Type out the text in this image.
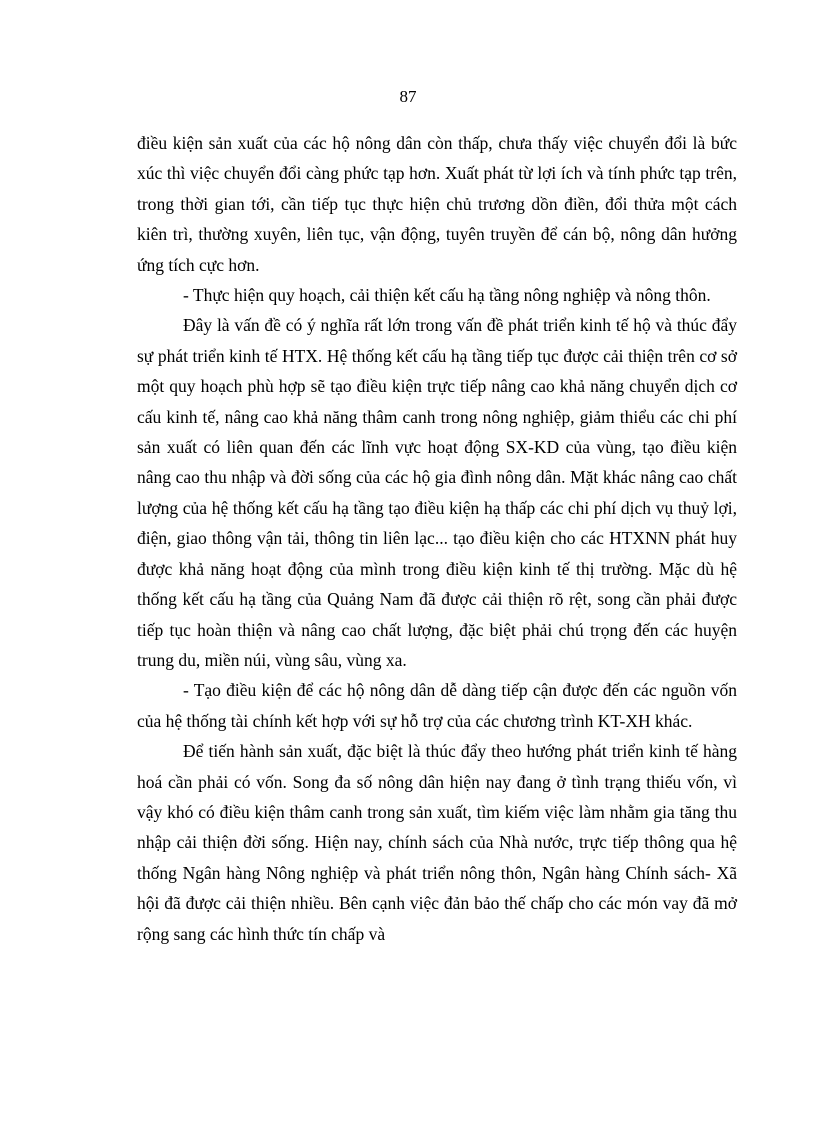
87

điều kiện sản xuất của các hộ nông dân còn thấp, chưa thấy việc chuyển đổi là bức xúc thì việc chuyển đổi càng phức tạp hơn. Xuất phát từ lợi ích và tính phức tạp trên, trong thời gian tới, cần tiếp tục thực hiện chủ trương dồn điền, đổi thửa một cách kiên trì, thường xuyên, liên tục, vận động, tuyên truyền để cán bộ, nông dân hưởng ứng tích cực hơn.

- Thực hiện quy hoạch, cải thiện kết cấu hạ tầng nông nghiệp và nông thôn.

Đây là vấn đề có ý nghĩa rất lớn trong vấn đề phát triển kinh tế hộ và thúc đẩy sự phát triển kinh tế HTX. Hệ thống kết cấu hạ tầng tiếp tục được cải thiện trên cơ sở một quy hoạch phù hợp sẽ tạo điều kiện trực tiếp nâng cao khả năng chuyển dịch cơ cấu kinh tế, nâng cao khả năng thâm canh trong nông nghiệp, giảm thiểu các chi phí sản xuất có liên quan đến các lĩnh vực hoạt động SX-KD của vùng, tạo điều kiện nâng cao thu nhập và đời sống của các hộ gia đình nông dân. Mặt khác nâng cao chất lượng của hệ thống kết cấu hạ tầng tạo điều kiện hạ thấp các chi phí dịch vụ thuỷ lợi, điện, giao thông vận tải, thông tin liên lạc... tạo điều kiện cho các HTXNN phát huy được khả năng hoạt động của mình trong điều kiện kinh tế thị trường. Mặc dù hệ thống kết cấu hạ tầng của Quảng Nam đã được cải thiện rõ rệt, song cần phải được tiếp tục hoàn thiện và nâng cao chất lượng, đặc biệt phải chú trọng đến các huyện trung du, miền núi, vùng sâu, vùng xa.

- Tạo điều kiện để các hộ nông dân dễ dàng tiếp cận được đến các nguồn vốn của hệ thống tài chính kết hợp với sự hỗ trợ của các chương trình KT-XH khác.

Để tiến hành sản xuất, đặc biệt là thúc đẩy theo hướng phát triển kinh tế hàng hoá cần phải có vốn. Song đa số nông dân hiện nay đang ở tình trạng thiếu vốn, vì vậy khó có điều kiện thâm canh trong sản xuất, tìm kiếm việc làm nhằm gia tăng thu nhập cải thiện đời sống. Hiện nay, chính sách của Nhà nước, trực tiếp thông qua hệ thống Ngân hàng Nông nghiệp và phát triển nông thôn, Ngân hàng Chính sách- Xã hội đã được cải thiện nhiều. Bên cạnh việc đản bảo thế chấp cho các món vay đã mở rộng sang các hình thức tín chấp và
